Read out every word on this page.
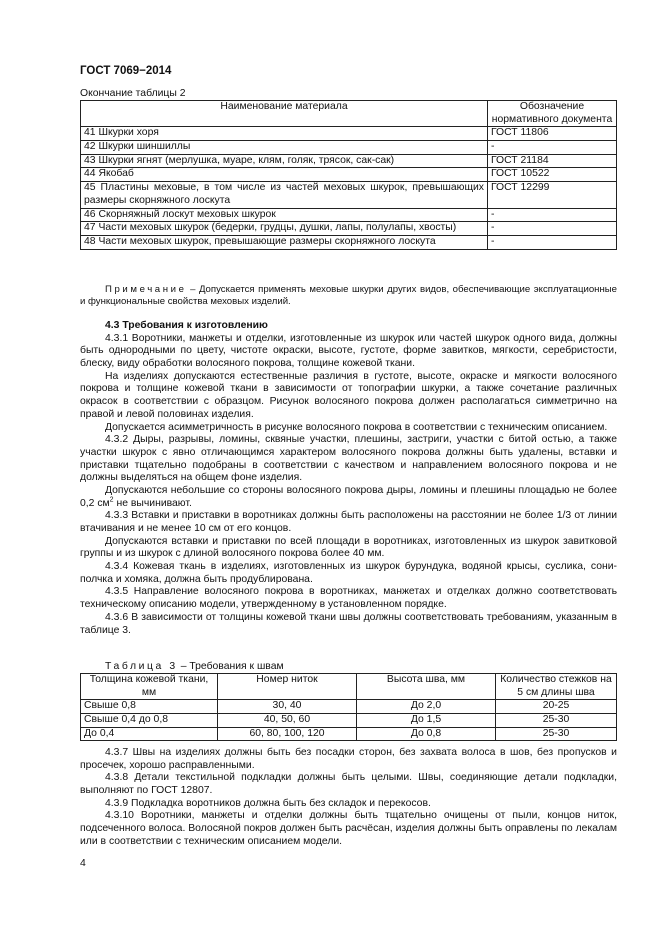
ГОСТ 7069−2014
Окончание таблицы 2
Наименование материала	Обозначение нормативного документа
41 Шкурки хоря	ГОСТ 11806
42 Шкурки шиншиллы	-
43 Шкурки ягнят (мерлушка, муаре, клям, голяк, трясок, сак-сак)	ГОСТ 21184
44 Якобаб	ГОСТ 10522
45 Пластины меховые, в том числе из частей меховых шкурок, превышающих размеры скорняжного лоскута	ГОСТ 12299
46 Скорняжный лоскут меховых шкурок	-
47 Части меховых шкурок (бедерки, грудцы, душки, лапы, полулапы, хвосты)	-
48 Части меховых шкурок, превышающие размеры скорняжного лоскута	-
Примечание – Допускается применять меховые шкурки других видов, обеспечивающие эксплуатационные и функциональные свойства меховых изделий.

4.3 Требования к изготовлению

4.3.1 Воротники, манжеты и отделки, изготовленные из шкурок или частей шкурок одного вида, должны быть однородными по цвету, чистоте окраски, высоте, густоте, форме завитков, мягкости, серебристости, блеску, виду обработки волосяного покрова, толщине кожевой ткани.

На изделиях допускаются естественные различия в густоте, высоте, окраске и мягкости волосяного покрова и толщине кожевой ткани в зависимости от топографии шкурки, а также сочетание различных окрасок в соответствии с образцом. Рисунок волосяного покрова должен располагаться симметрично на правой и левой половинах изделия.

Допускается асимметричность в рисунке волосяного покрова в соответствии с техническим описанием.

4.3.2 Дыры, разрывы, ломины, сквяные участки, плешины, застриги, участки с битой остью, а также участки шкурок с явно отличающимся характером волосяного покрова должны быть удалены, вставки и приставки тщательно подобраны в соответствии с качеством и направлением волосяного покрова и не должны выделяться на общем фоне изделия.

Допускаются небольшие со стороны волосяного покрова дыры, ломины и плешины площадью не более 0,2 $см^2$ не вычинивают.

4.3.3 Вставки и приставки в воротниках должны быть расположены на расстоянии не более 1/3 от линии втачивания и не менее 10 см от его концов.

Допускаются вставки и приставки по всей площади в воротниках, изготовленных из шкурок завитковой группы и из шкурок с длиной волосяного покрова более 40 мм.

4.3.4 Кожевая ткань в изделиях, изготовленных из шкурок бурундука, водяной крысы, суслика, сони-полчка и хомяка, должна быть продублирована.

4.3.5 Направление волосяного покрова в воротниках, манжетах и отделках должно соответствовать техническому описанию модели, утвержденному в установленном порядке.

4.3.6 В зависимости от толщины кожевой ткани швы должны соответствовать требованиям, указанным в таблице 3.

Таблица 3 – Требования к швам
Толщина кожевой ткани, мм	Номер ниток	Высота шва, мм	Количество стежков на 5 см длины шва
Свыше 0,8	30, 40	До 2,0	20-25
Свыше 0,4 до 0,8	40, 50, 60	До 1,5	25-30
До 0,4	60, 80, 100, 120	До 0,8	25-30

4.3.7 Швы на изделиях должны быть без посадки сторон, без захвата волоса в шов, без пропусков и просечек, хорошо расправленными.

4.3.8 Детали текстильной подкладки должны быть целыми. Швы, соединяющие детали подкладки, выполняют по ГОСТ 12807.

4.3.9 Подкладка воротников должна быть без складок и перекосов.

4.3.10 Воротники, манжеты и отделки должны быть тщательно очищены от пыли, концов ниток, подсеченного волоса. Волосяной покров должен быть расчёсан, изделия должны быть оправлены по лекалам или в соответствии с техническим описанием модели.

4
